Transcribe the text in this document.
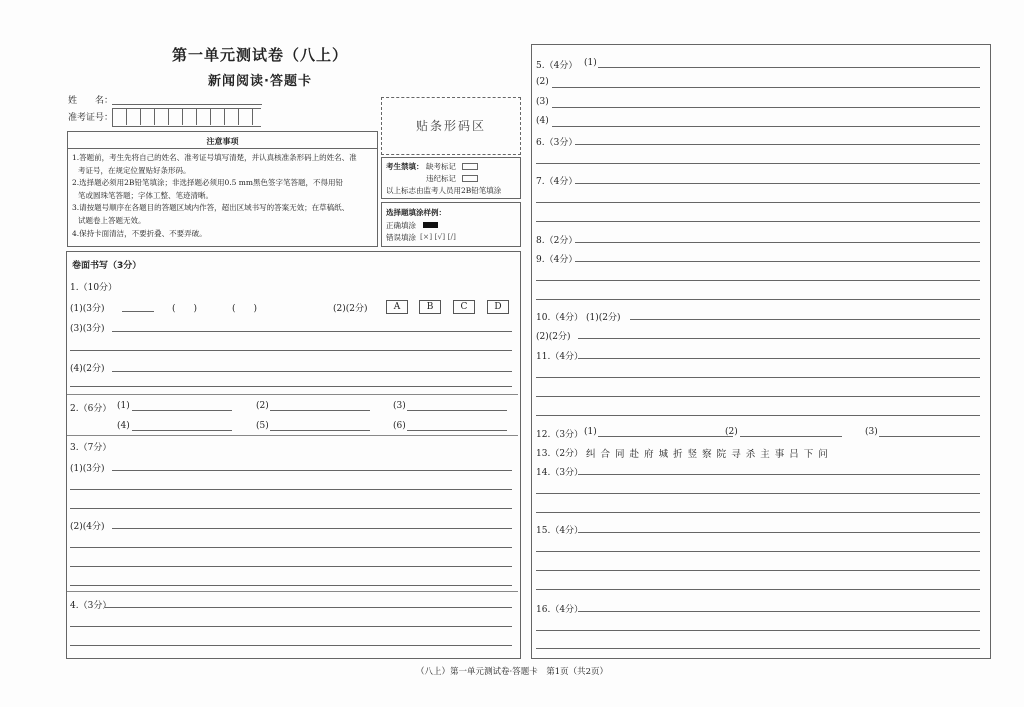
第一单元测试卷（八上）
新闻阅读·答题卡
姓　　名：
准考证号：
注意事项
1.答题前，考生先将自己的姓名、准考证号填写清楚，并认真核准条形码上的姓名、准
考证号，在规定位置贴好条形码。
2.选择题必须用2B铅笔填涂；非选择题必须用0.5 mm黑色签字笔答题，不得用铅
笔或圆珠笔答题；字体工整、笔迹清晰。
3.请按题号顺序在各题目的答题区域内作答，超出区域书写的答案无效；在草稿纸、
试题卷上答题无效。
4.保持卡面清洁，不要折叠、不要弄破。
贴条形码区
考生禁填： 缺考标记
违纪标记
以上标志由监考人员用2B铅笔填涂
选择题填涂样例：
正确填涂
错误填涂 [×] [√] [/]
卷面书写（3分）
1.（10分）
(1)(3分)	(　　)	(　　)	(2)(2分)	A	B	C	D
(3)(3分)
(4)(2分)
2.（6分） (1)	(2)	(3)
(4)	(5)	(6)
3.（7分）
(1)(3分)
(2)(4分)
4.（3分）
5.（4分） (1)
(2)
(3)
(4)
6.（3分）
7.（4分）
8.（2分）
9.（4分）
10.（4分） (1)(2分)
(2)(2分)
11.（4分）
12.（3分） (1)	(2)	(3)
13.（2分） 纠 合 同 赴 府 城 折 竖 察 院 寻 杀 主 事 吕 下 问
14.（3分）
15.（4分）
16.（4分）
（八上）第一单元测试卷·答题卡　第1页（共2页）
